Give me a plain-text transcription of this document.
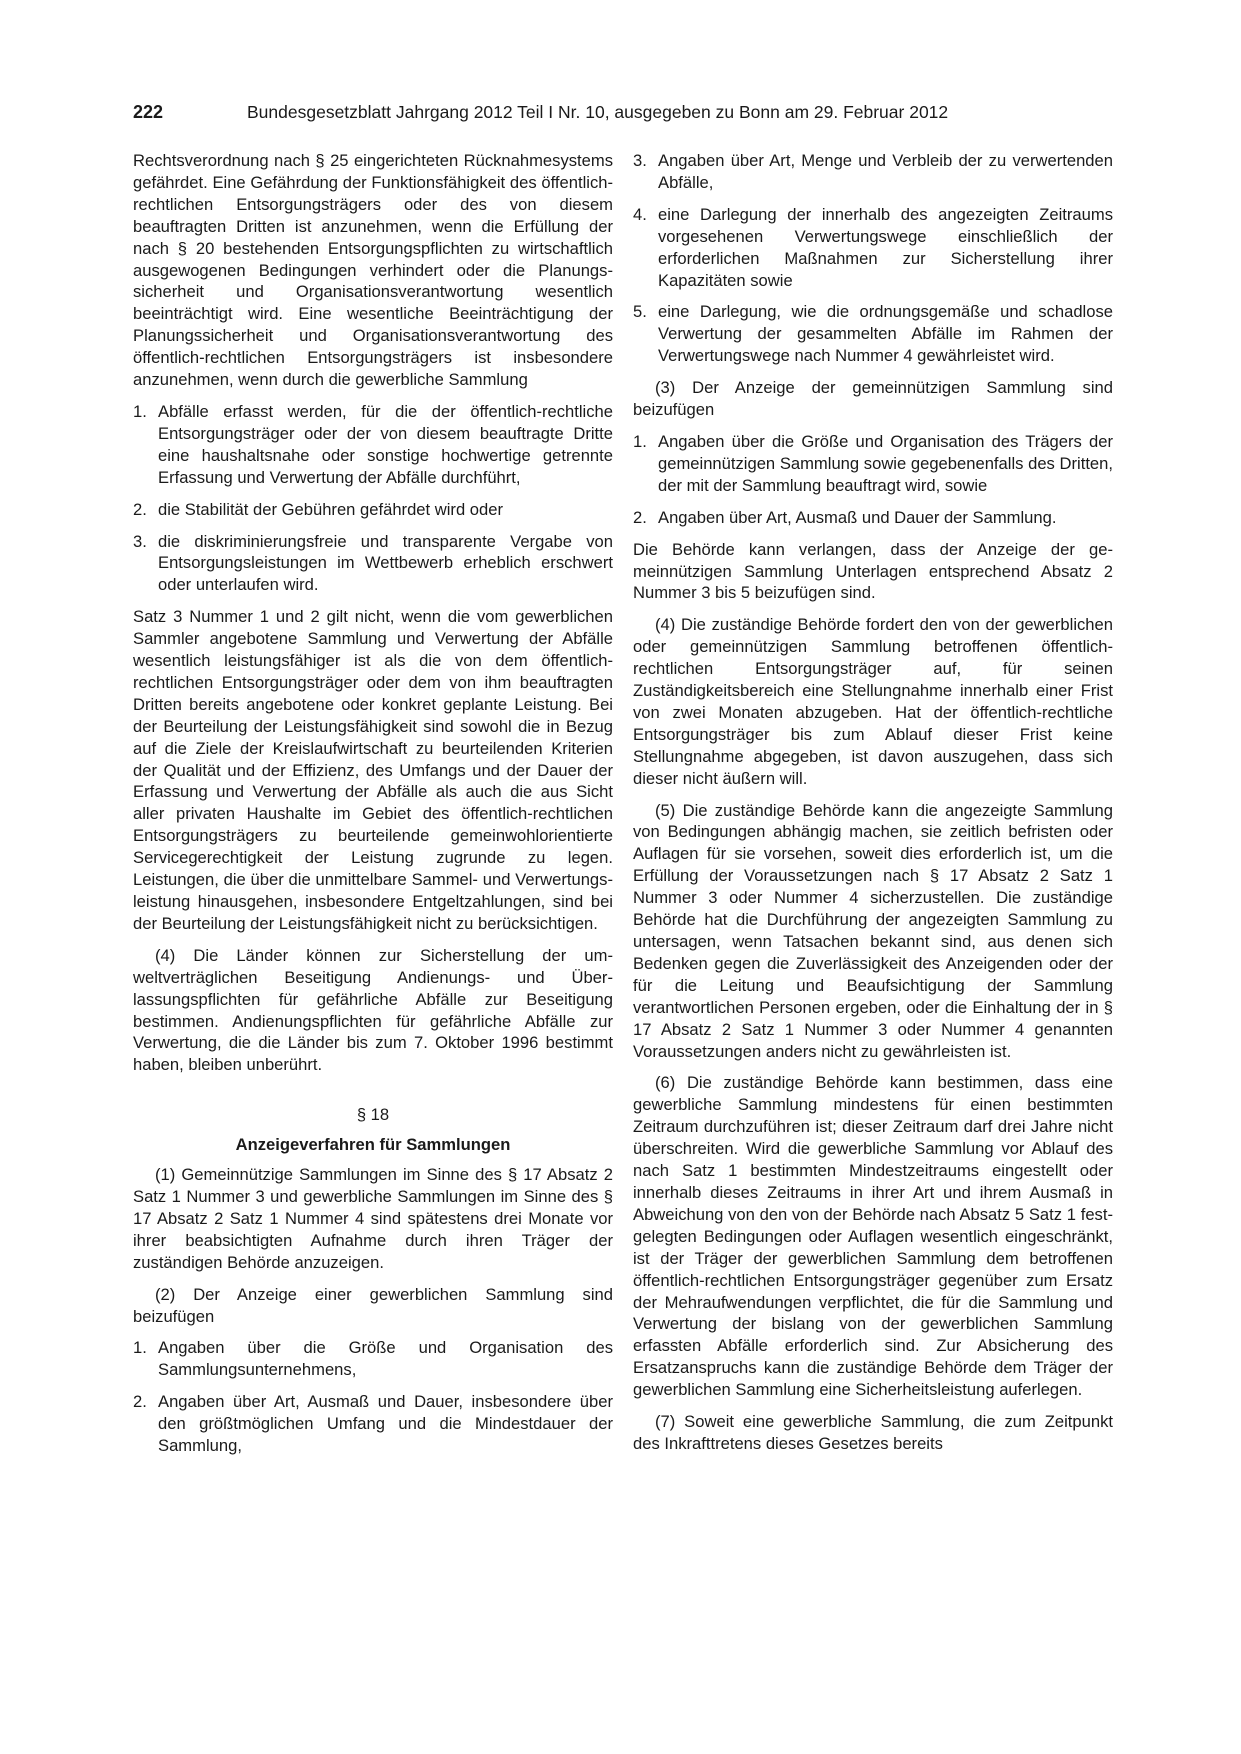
222	Bundesgesetzblatt Jahrgang 2012 Teil I Nr. 10, ausgegeben zu Bonn am 29. Februar 2012

Rechtsverordnung nach § 25 eingerichteten Rücknahmesystems gefährdet. Eine Gefährdung der Funktionsfähigkeit des öffentlich-rechtlichen Entsorgungsträgers oder des von diesem beauftragten Dritten ist anzunehmen, wenn die Erfüllung der nach § 20 bestehenden Entsorgungspflichten zu wirtschaftlich ausgewogenen Bedingungen verhindert oder die Planungssicherheit und Organisationsverantwortung wesentlich beeinträchtigt wird. Eine wesentliche Beeinträchtigung der Planungssicherheit und Organisationsverantwortung des öffentlich-rechtlichen Entsorgungsträgers ist insbesondere anzunehmen, wenn durch die gewerbliche Sammlung

1. Abfälle erfasst werden, für die der öffentlich-rechtliche Entsorgungsträger oder der von diesem beauftragte Dritte eine haushaltsnahe oder sonstige hochwertige getrennte Erfassung und Verwertung der Abfälle durchführt,
2. die Stabilität der Gebühren gefährdet wird oder
3. die diskriminierungsfreie und transparente Vergabe von Entsorgungsleistungen im Wettbewerb erheblich erschwert oder unterlaufen wird.

Satz 3 Nummer 1 und 2 gilt nicht, wenn die vom gewerblichen Sammler angebotene Sammlung und Verwertung der Abfälle wesentlich leistungsfähiger ist als die von dem öffentlich-rechtlichen Entsorgungsträger oder dem von ihm beauftragten Dritten bereits angebotene oder konkret geplante Leistung. Bei der Beurteilung der Leistungsfähigkeit sind sowohl die in Bezug auf die Ziele der Kreislaufwirtschaft zu beurteilenden Kriterien der Qualität und der Effizienz, des Umfangs und der Dauer der Erfassung und Verwertung der Abfälle als auch die aus Sicht aller privaten Haushalte im Gebiet des öffentlich-rechtlichen Entsorgungsträgers zu beurteilende gemeinwohlorientierte Servicegerechtigkeit der Leistung zugrunde zu legen. Leistungen, die über die unmittelbare Sammel- und Verwertungsleistung hinausgehen, insbesondere Entgeltzahlungen, sind bei der Beurteilung der Leistungsfähigkeit nicht zu berücksichtigen.

(4) Die Länder können zur Sicherstellung der umweltverträglichen Beseitigung Andienungs- und Überlassungspflichten für gefährliche Abfälle zur Beseitigung bestimmen. Andienungspflichten für gefährliche Abfälle zur Verwertung, die die Länder bis zum 7. Oktober 1996 bestimmt haben, bleiben unberührt.

§ 18
Anzeigeverfahren für Sammlungen

(1) Gemeinnützige Sammlungen im Sinne des § 17 Absatz 2 Satz 1 Nummer 3 und gewerbliche Sammlungen im Sinne des § 17 Absatz 2 Satz 1 Nummer 4 sind spätestens drei Monate vor ihrer beabsichtigten Aufnahme durch ihren Träger der zuständigen Behörde anzuzeigen.

(2) Der Anzeige einer gewerblichen Sammlung sind beizufügen

1. Angaben über die Größe und Organisation des Sammlungsunternehmens,
2. Angaben über Art, Ausmaß und Dauer, insbesondere über den größtmöglichen Umfang und die Mindestdauer der Sammlung,
3. Angaben über Art, Menge und Verbleib der zu verwertenden Abfälle,
4. eine Darlegung der innerhalb des angezeigten Zeitraums vorgesehenen Verwertungswege einschließlich der erforderlichen Maßnahmen zur Sicherstellung ihrer Kapazitäten sowie
5. eine Darlegung, wie die ordnungsgemäße und schadlose Verwertung der gesammelten Abfälle im Rahmen der Verwertungswege nach Nummer 4 gewährleistet wird.

(3) Der Anzeige der gemeinnützigen Sammlung sind beizufügen

1. Angaben über die Größe und Organisation des Trägers der gemeinnützigen Sammlung sowie gegebenenfalls des Dritten, der mit der Sammlung beauftragt wird, sowie
2. Angaben über Art, Ausmaß und Dauer der Sammlung.

Die Behörde kann verlangen, dass der Anzeige der gemeinnützigen Sammlung Unterlagen entsprechend Absatz 2 Nummer 3 bis 5 beizufügen sind.

(4) Die zuständige Behörde fordert den von der gewerblichen oder gemeinnützigen Sammlung betroffenen öffentlich-rechtlichen Entsorgungsträger auf, für seinen Zuständigkeitsbereich eine Stellungnahme innerhalb einer Frist von zwei Monaten abzugeben. Hat der öffentlich-rechtliche Entsorgungsträger bis zum Ablauf dieser Frist keine Stellungnahme abgegeben, ist davon auszugehen, dass sich dieser nicht äußern will.

(5) Die zuständige Behörde kann die angezeigte Sammlung von Bedingungen abhängig machen, sie zeitlich befristen oder Auflagen für sie vorsehen, soweit dies erforderlich ist, um die Erfüllung der Voraussetzungen nach § 17 Absatz 2 Satz 1 Nummer 3 oder Nummer 4 sicherzustellen. Die zuständige Behörde hat die Durchführung der angezeigten Sammlung zu untersagen, wenn Tatsachen bekannt sind, aus denen sich Bedenken gegen die Zuverlässigkeit des Anzeigenden oder der für die Leitung und Beaufsichtigung der Sammlung verantwortlichen Personen ergeben, oder die Einhaltung der in § 17 Absatz 2 Satz 1 Nummer 3 oder Nummer 4 genannten Voraussetzungen anders nicht zu gewährleisten ist.

(6) Die zuständige Behörde kann bestimmen, dass eine gewerbliche Sammlung mindestens für einen bestimmten Zeitraum durchzuführen ist; dieser Zeitraum darf drei Jahre nicht überschreiten. Wird die gewerbliche Sammlung vor Ablauf des nach Satz 1 bestimmten Mindestzeitraums eingestellt oder innerhalb dieses Zeitraums in ihrer Art und ihrem Ausmaß in Abweichung von den von der Behörde nach Absatz 5 Satz 1 festgelegten Bedingungen oder Auflagen wesentlich eingeschränkt, ist der Träger der gewerblichen Sammlung dem betroffenen öffentlich-rechtlichen Entsorgungsträger gegenüber zum Ersatz der Mehraufwendungen verpflichtet, die für die Sammlung und Verwertung der bislang von der gewerblichen Sammlung erfassten Abfälle erforderlich sind. Zur Absicherung des Ersatzanspruchs kann die zuständige Behörde dem Träger der gewerblichen Sammlung eine Sicherheitsleistung auferlegen.

(7) Soweit eine gewerbliche Sammlung, die zum Zeitpunkt des Inkrafttretens dieses Gesetzes bereits
